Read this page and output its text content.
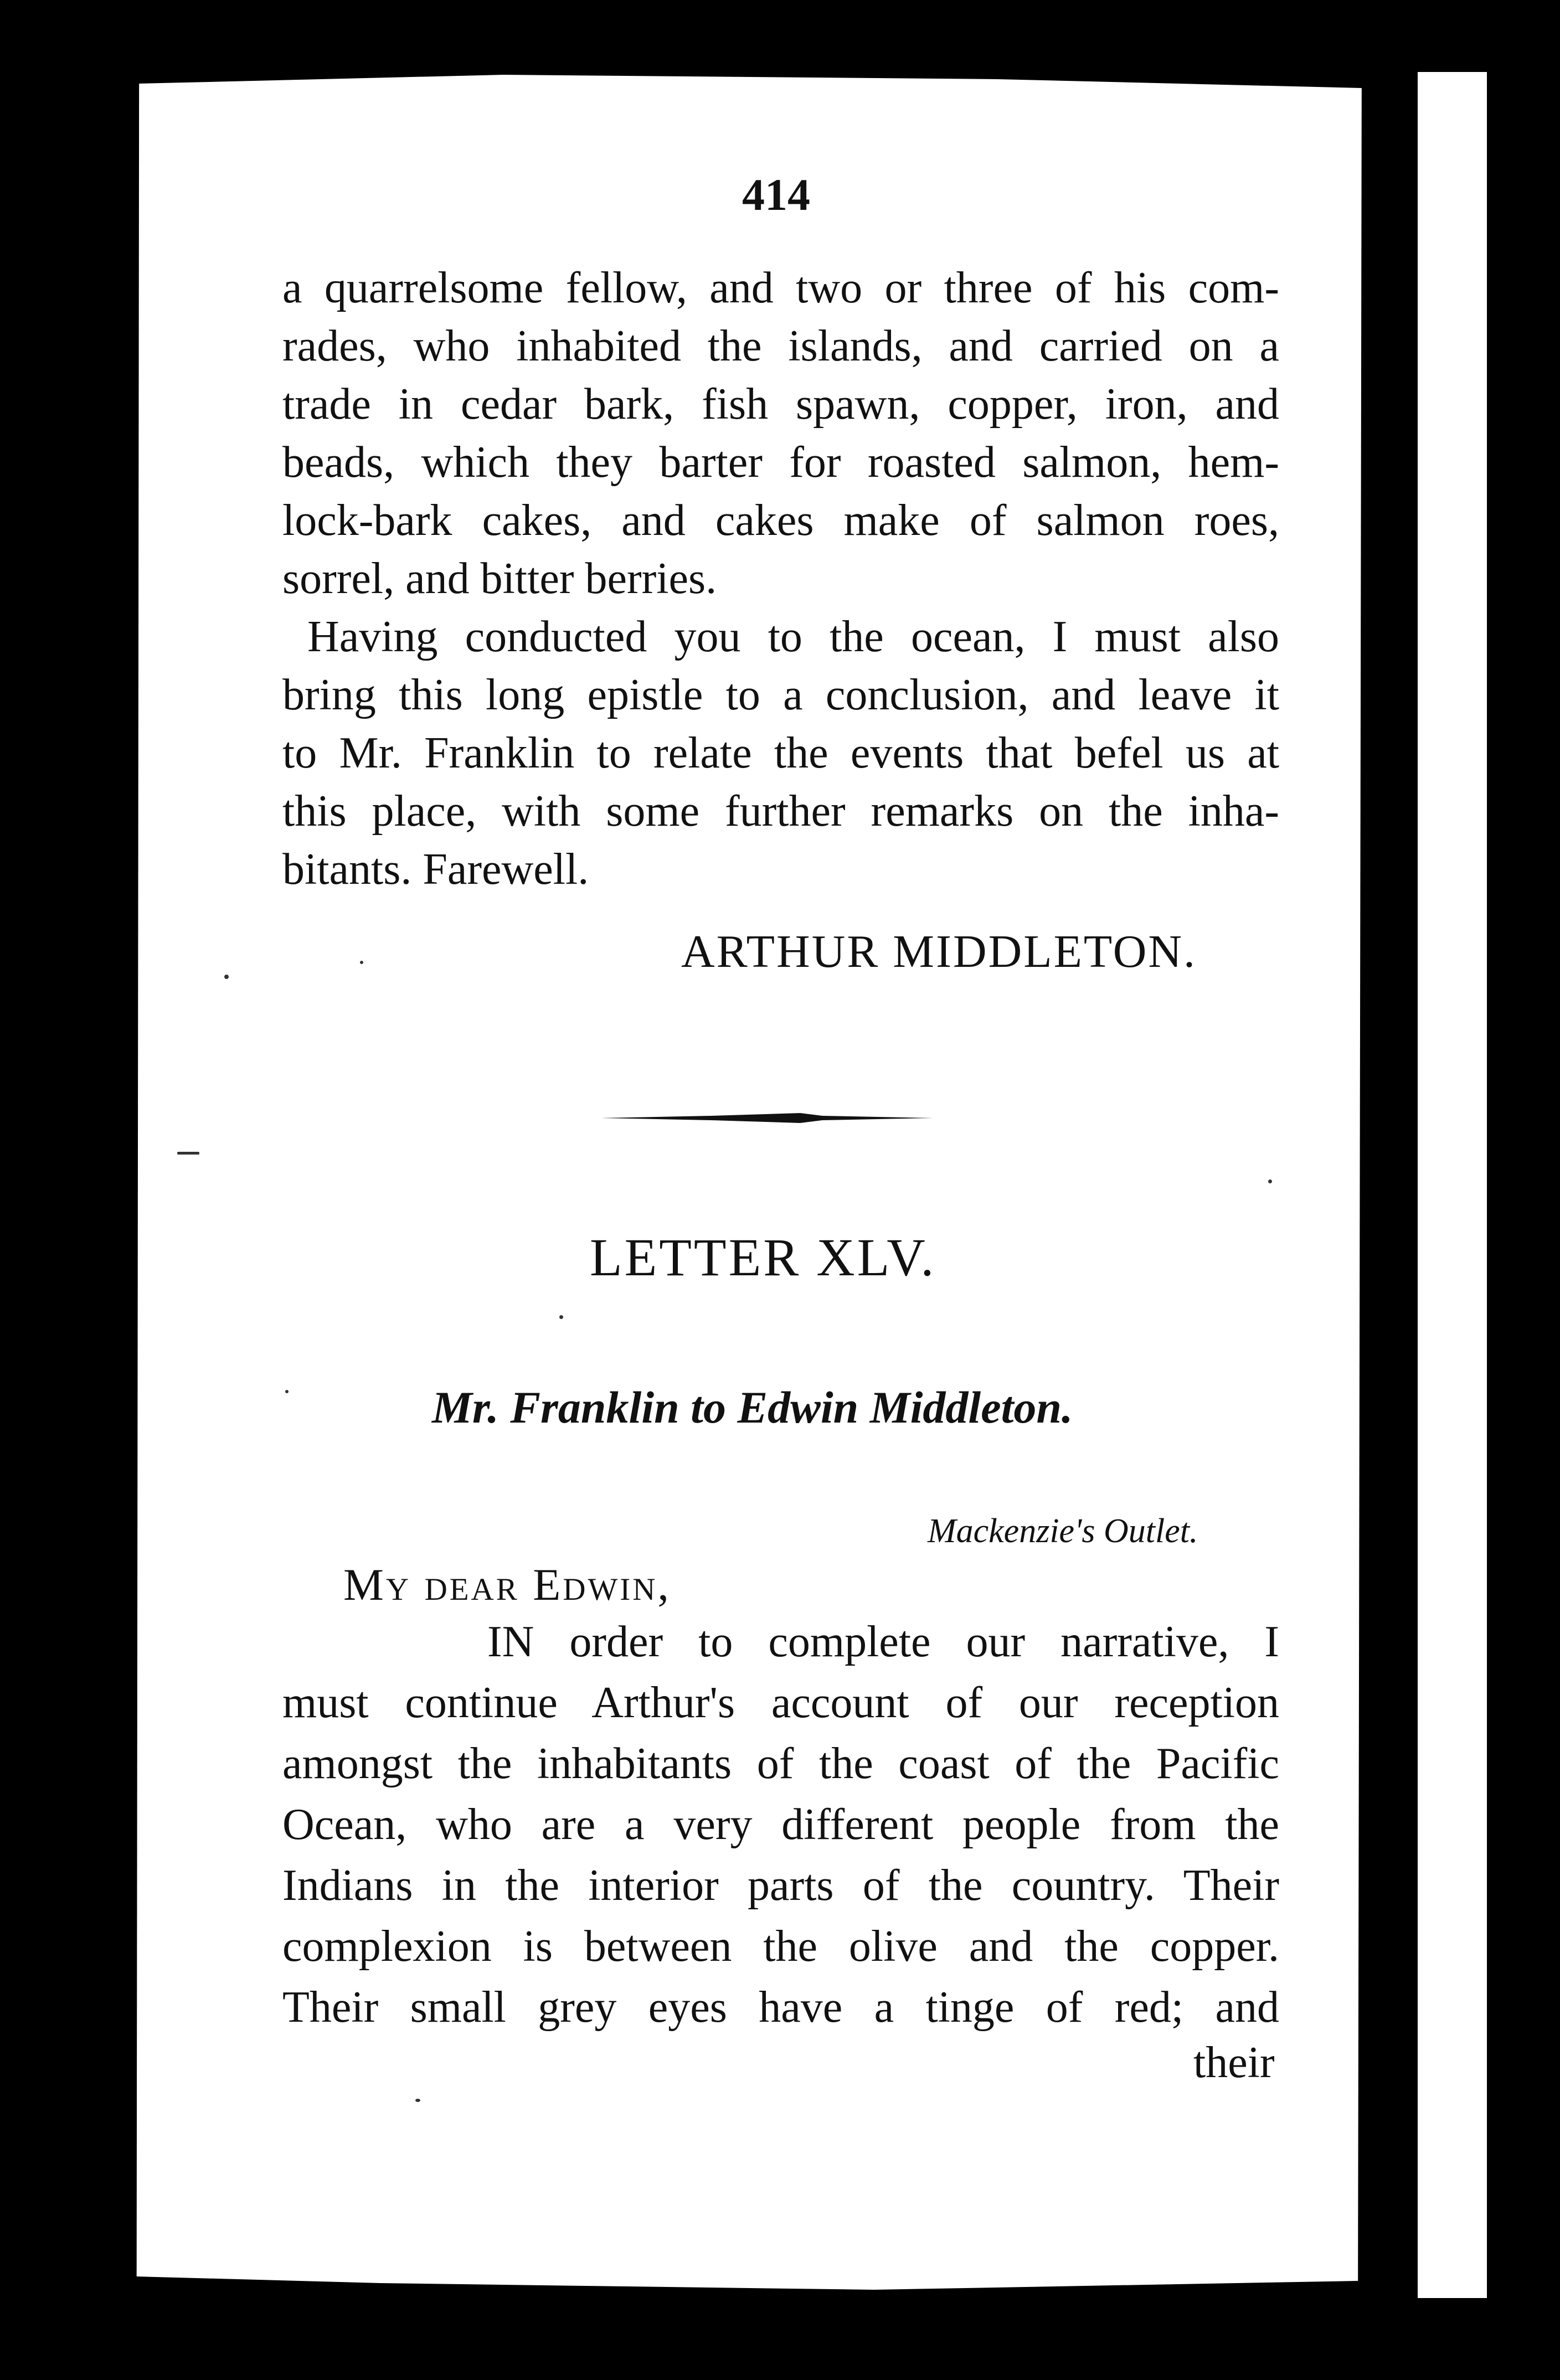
414
a quarrelsome fellow, and two or three of his com-
rades, who inhabited the islands, and carried on a
trade in cedar bark, fish spawn, copper, iron, and
beads, which they barter for roasted salmon, hem-
lock-bark cakes, and cakes make of salmon roes,
sorrel, and bitter berries.
Having conducted you to the ocean, I must also
bring this long epistle to a conclusion, and leave it
to Mr. Franklin to relate the events that befel us at
this place, with some further remarks on the inha-
bitants. Farewell.
ARTHUR MIDDLETON.
LETTER XLV.
Mr. Franklin to Edwin Middleton.
Mackenzie's Outlet.
My dear Edwin,
IN order to complete our narrative, I
must continue Arthur's account of our reception
amongst the inhabitants of the coast of the Pacific
Ocean, who are a very different people from the
Indians in the interior parts of the country. Their
complexion is between the olive and the copper.
Their small grey eyes have a tinge of red; and
their
